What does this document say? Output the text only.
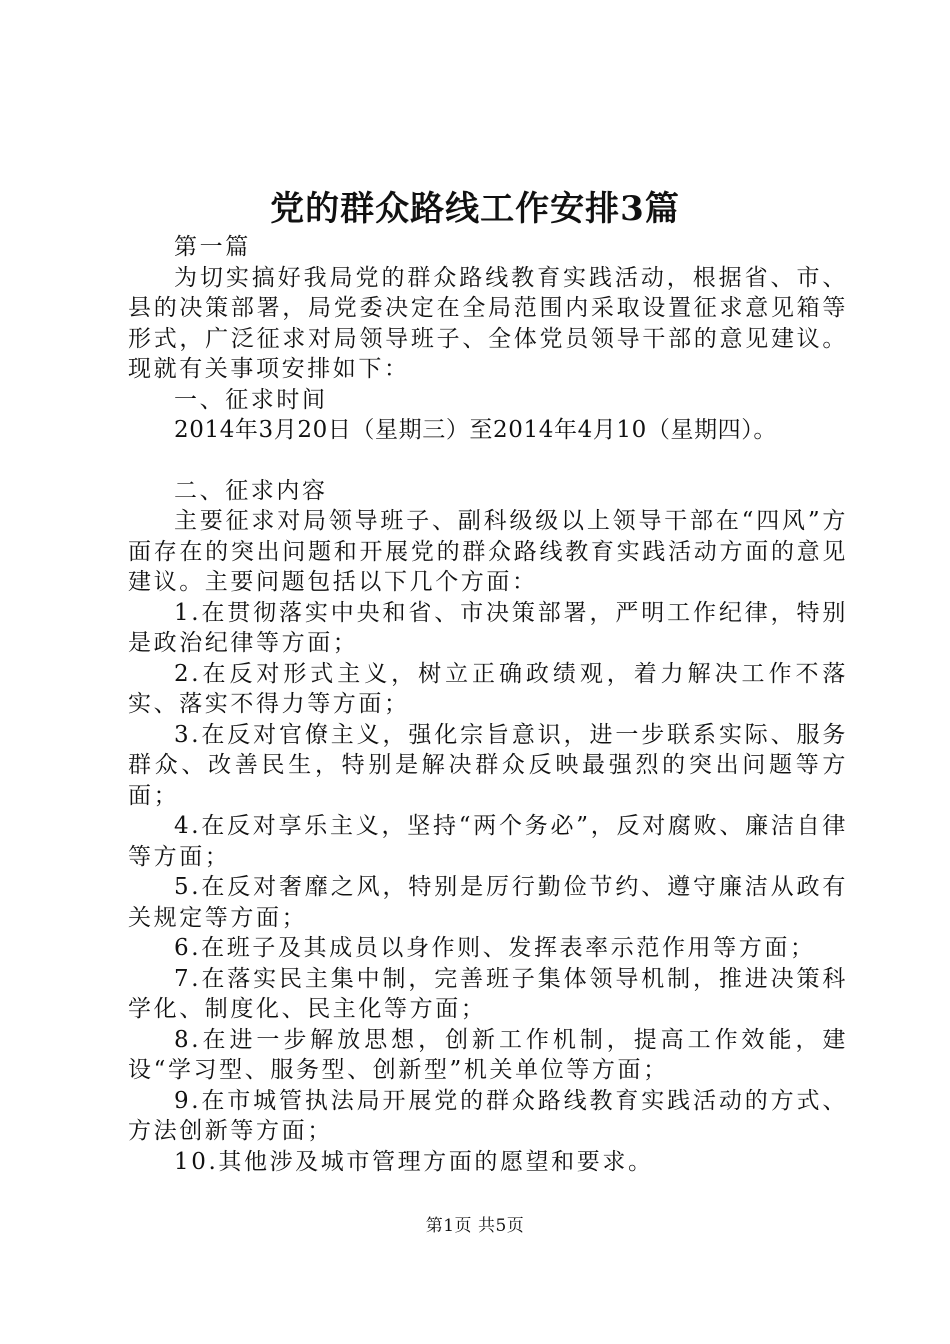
党的群众路线工作安排3篇

第一篇

为切实搞好我局党的群众路线教育实践活动，根据省、市、县的决策部署，局党委决定在全局范围内采取设置征求意见箱等形式，广泛征求对局领导班子、全体党员领导干部的意见建议。现就有关事项安排如下：

一、征求时间

2014年3月20日（星期三）至2014年4月10（星期四）。

二、征求内容

主要征求对局领导班子、副科级级以上领导干部在“四风”方面存在的突出问题和开展党的群众路线教育实践活动方面的意见建议。主要问题包括以下几个方面：

1.在贯彻落实中央和省、市决策部署，严明工作纪律，特别是政治纪律等方面；

2.在反对形式主义，树立正确政绩观，着力解决工作不落实、落实不得力等方面；

3.在反对官僚主义，强化宗旨意识，进一步联系实际、服务群众、改善民生，特别是解决群众反映最强烈的突出问题等方面；

4.在反对享乐主义，坚持“两个务必”，反对腐败、廉洁自律等方面；

5.在反对奢靡之风，特别是厉行勤俭节约、遵守廉洁从政有关规定等方面；

6.在班子及其成员以身作则、发挥表率示范作用等方面；

7.在落实民主集中制，完善班子集体领导机制，推进决策科学化、制度化、民主化等方面；

8.在进一步解放思想，创新工作机制，提高工作效能，建设“学习型、服务型、创新型”机关单位等方面；

9.在市城管执法局开展党的群众路线教育实践活动的方式、方法创新等方面；

10.其他涉及城市管理方面的愿望和要求。

第1页 共5页
